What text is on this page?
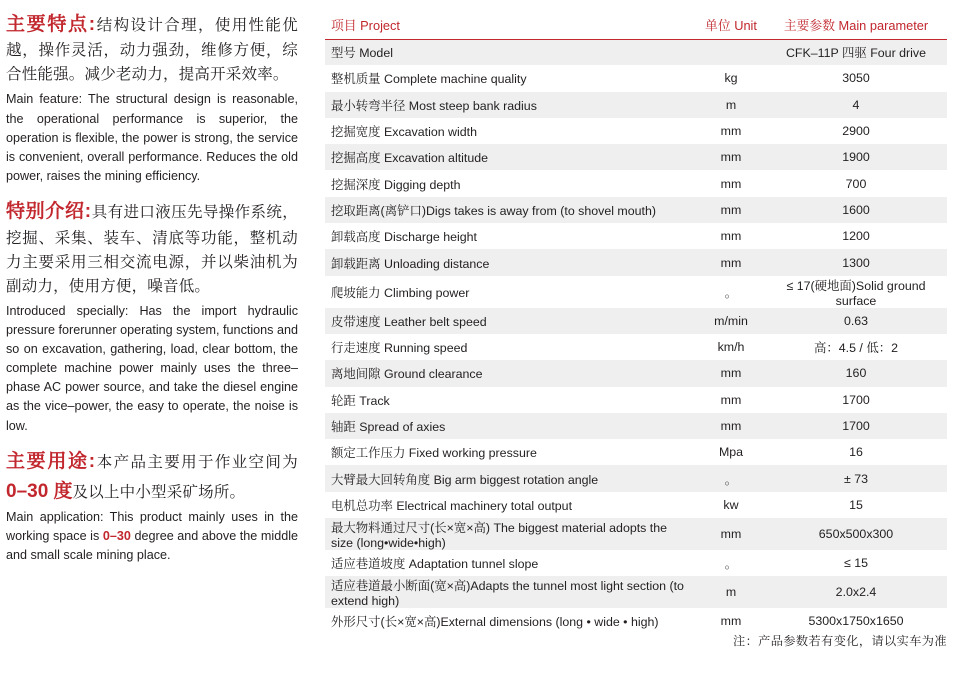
主要特点:结构设计合理，使用性能优越，操作灵活，动力强劲，维修方便，综合性能强。减少老动力，提高开采效率。

Main feature: The structural design is reasonable, the operational performance is superior, the operation is flexible, the power is strong, the service is convenient, overall performance. Reduces the old power, raises the mining efficiency.

特别介绍:具有进口液压先导操作系统，挖掘、采集、装车、清底等功能，整机动力主要采用三相交流电源，并以柴油机为副动力，使用方便，噪音低。

Introduced specially: Has the import hydraulic pressure forerunner operating system, functions and so on excavation, gathering, load, clear bottom, the complete machine power mainly uses the three–phase AC power source, and take the diesel engine as the vice–power, the easy to operate, the noise is low.

主要用途:本产品主要用于作业空间为0–30 度及以上中小型采矿场所。

Main application: This product mainly uses in the working space is 0–30 degree and above the middle and small scale mining place.

项目 Project	单位 Unit	主要参数 Main parameter
型号 Model		CFK–11P 四驱 Four drive
整机质量 Complete machine quality	kg	3050
最小转弯半径 Most steep bank radius	m	4
挖掘宽度 Excavation width	mm	2900
挖掘高度 Excavation altitude	mm	1900
挖掘深度 Digging depth	mm	700
挖取距离(离铲口)Digs takes is away from (to shovel mouth)	mm	1600
卸载高度 Discharge height	mm	1200
卸载距离 Unloading distance	mm	1300
爬坡能力 Climbing power	。	≤ 17(硬地面)Solid ground surface
皮带速度 Leather belt speed	m/min	0.63
行走速度 Running speed	km/h	高：4.5 / 低：2
离地间隙 Ground clearance	mm	160
轮距 Track	mm	1700
轴距 Spread of axies	mm	1700
额定工作压力 Fixed working pressure	Mpa	16
大臂最大回转角度 Big arm biggest rotation angle	。	± 73
电机总功率 Electrical machinery total output	kw	15
最大物料通过尺寸(长×宽×高) The biggest material adopts the size (long•wide•high)	mm	650x500x300
适应巷道坡度 Adaptation tunnel slope	。	≤ 15
适应巷道最小断面(宽×高)Adapts the tunnel most light section (to extend high)	m	2.0x2.4
外形尺寸(长×宽×高)External dimensions (long • wide • high)	mm	5300x1750x1650
注：产品参数若有变化，请以实车为准
